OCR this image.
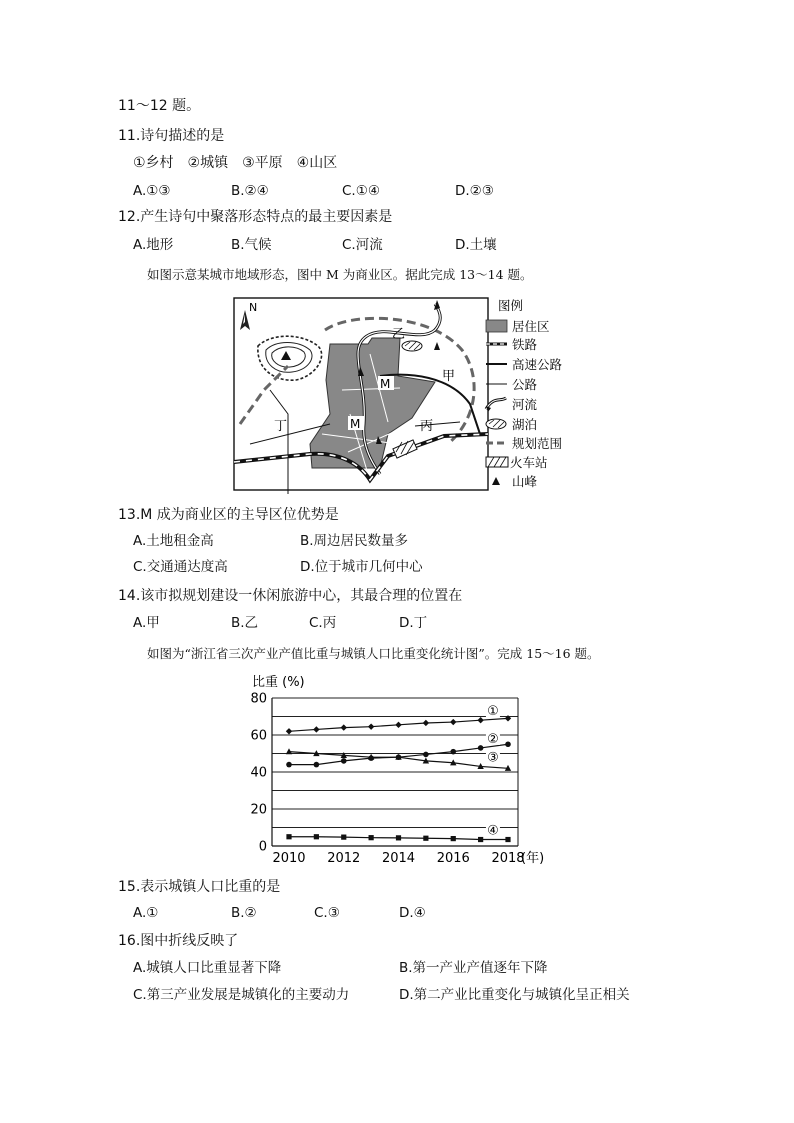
11～12 题。
11.诗句描述的是
①乡村　②城镇　③平原　④山区
A.①③	B.②④	C.①④	D.②③
12.产生诗句中聚落形态特点的最主要因素是
A.地形	B.气候	C.河流	D.土壤
如图示意某城市地域形态，图中 M 为商业区。据此完成 13～14 题。
N
乙
甲
丁	丙
M
M
图例
居住区
铁路
高速公路
公路
河流
湖泊
规划范围
火车站
山峰
13.M 成为商业区的主导区位优势是
A.土地租金高	B.周边居民数量多
C.交通通达度高	D.位于城市几何中心
14.该市拟规划建设一休闲旅游中心，其最合理的位置在
A.甲	B.乙	C.丙	D.丁
如图为“浙江省三次产业产值比重与城镇人口比重变化统计图”。完成 15～16 题。
比重 (%)
0
20
40
60
80
2010 2012 2014 2016 2018
(年)
①
②
③
④
15.表示城镇人口比重的是
A.①	B.②	C.③	D.④
16.图中折线反映了
A.城镇人口比重显著下降	B.第一产业产值逐年下降
C.第三产业发展是城镇化的主要动力	D.第二产业比重变化与城镇化呈正相关
